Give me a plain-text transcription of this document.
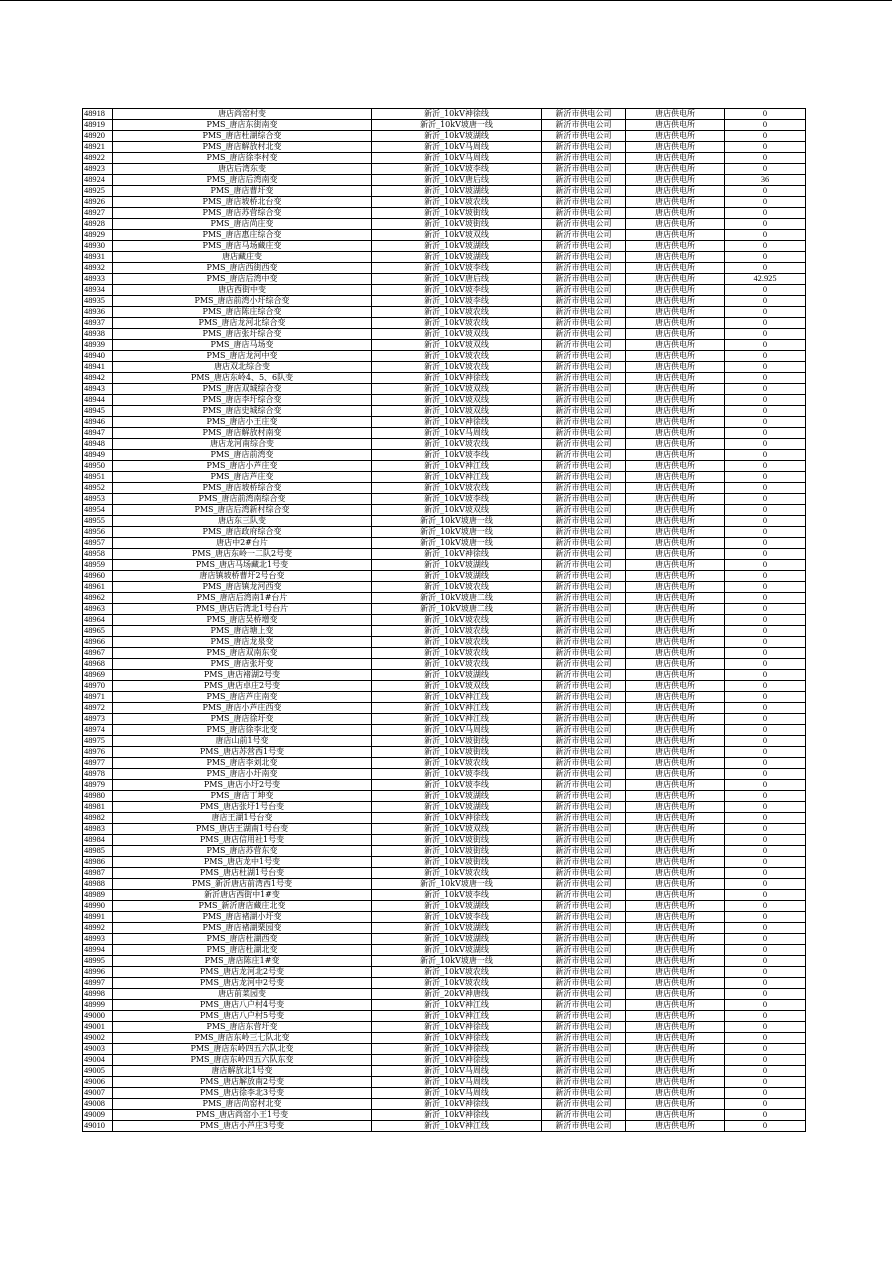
48918	唐店尚窑村变	新沂_10kV神徐线	新沂市供电公司	唐店供电所	0
48919	PMS_唐店东街南变	新沂_10kV坡唐一线	新沂市供电公司	唐店供电所	0
48920	PMS_唐店杜湖综合变	新沂_10kV坡湖线	新沂市供电公司	唐店供电所	0
48921	PMS_唐店解放村北变	新沂_10kV马周线	新沂市供电公司	唐店供电所	0
48922	PMS_唐店徐李村变	新沂_10kV马周线	新沂市供电公司	唐店供电所	0
48923	唐店后湾东变	新沂_10kV坡李线	新沂市供电公司	唐店供电所	0
48924	PMS_唐店后湾南变	新沂_10kV唐后线	新沂市供电公司	唐店供电所	36
48925	PMS_唐店曹圩变	新沂_10kV坡湖线	新沂市供电公司	唐店供电所	0
48926	PMS_唐店坡桥北台变	新沂_10kV坡农线	新沂市供电公司	唐店供电所	0
48927	PMS_唐店苏营综合变	新沂_10kV坡街线	新沂市供电公司	唐店供电所	0
48928	PMS_唐店尚庄变	新沂_10kV坡街线	新沂市供电公司	唐店供电所	0
48929	PMS_唐店惠庄综合变	新沂_10kV坡双线	新沂市供电公司	唐店供电所	0
48930	PMS_唐店马场藏庄变	新沂_10kV坡湖线	新沂市供电公司	唐店供电所	0
48931	唐店藏庄变	新沂_10kV坡湖线	新沂市供电公司	唐店供电所	0
48932	PMS_唐店西街西变	新沂_10kV坡李线	新沂市供电公司	唐店供电所	0
48933	PMS_唐店后湾中变	新沂_10kV唐后线	新沂市供电公司	唐店供电所	42.925
48934	唐店西街中变	新沂_10kV坡李线	新沂市供电公司	唐店供电所	0
48935	PMS_唐店前湾小圩综合变	新沂_10kV坡李线	新沂市供电公司	唐店供电所	0
48936	PMS_唐店陈庄综合变	新沂_10kV坡农线	新沂市供电公司	唐店供电所	0
48937	PMS_唐店龙河北综合变	新沂_10kV坡农线	新沂市供电公司	唐店供电所	0
48938	PMS_唐店张圩综合变	新沂_10kV坡双线	新沂市供电公司	唐店供电所	0
48939	PMS_唐店马场变	新沂_10kV坡双线	新沂市供电公司	唐店供电所	0
48940	PMS_唐店龙河中变	新沂_10kV坡农线	新沂市供电公司	唐店供电所	0
48941	唐店双北综合变	新沂_10kV坡农线	新沂市供电公司	唐店供电所	0
48942	PMS_唐店东岭4、5、6队变	新沂_10kV神徐线	新沂市供电公司	唐店供电所	0
48943	PMS_唐店双城综合变	新沂_10kV坡双线	新沂市供电公司	唐店供电所	0
48944	PMS_唐店李圩综合变	新沂_10kV坡双线	新沂市供电公司	唐店供电所	0
48945	PMS_唐店史城综合变	新沂_10kV坡双线	新沂市供电公司	唐店供电所	0
48946	PMS_唐店小王庄变	新沂_10kV神徐线	新沂市供电公司	唐店供电所	0
48947	PMS_唐店解放村南变	新沂_10kV马周线	新沂市供电公司	唐店供电所	0
48948	唐店龙河南综合变	新沂_10kV坡农线	新沂市供电公司	唐店供电所	0
48949	PMS_唐店前湾变	新沂_10kV坡李线	新沂市供电公司	唐店供电所	0
48950	PMS_唐店小芦庄变	新沂_10kV神江线	新沂市供电公司	唐店供电所	0
48951	PMS_唐店芦庄变	新沂_10kV神江线	新沂市供电公司	唐店供电所	0
48952	PMS_唐店坡桥综合变	新沂_10kV坡农线	新沂市供电公司	唐店供电所	0
48953	PMS_唐店前湾南综合变	新沂_10kV坡李线	新沂市供电公司	唐店供电所	0
48954	PMS_唐店后湾新村综合变	新沂_10kV坡双线	新沂市供电公司	唐店供电所	0
48955	唐店东三队变	新沂_10kV坡唐一线	新沂市供电公司	唐店供电所	0
48956	PMS_唐店政府综合变	新沂_10kV坡唐一线	新沂市供电公司	唐店供电所	0
48957	唐店中2#台片	新沂_10kV坡唐一线	新沂市供电公司	唐店供电所	0
48958	PMS_唐店东岭一二队2号变	新沂_10kV神徐线	新沂市供电公司	唐店供电所	0
48959	PMS_唐店马场藏北1号变	新沂_10kV坡湖线	新沂市供电公司	唐店供电所	0
48960	唐店镇坡桥曹圩2号台变	新沂_10kV坡湖线	新沂市供电公司	唐店供电所	0
48961	PMS_唐店镇龙河西变	新沂_10kV坡农线	新沂市供电公司	唐店供电所	0
48962	PMS_唐店后湾南1#台片	新沂_10kV坡唐二线	新沂市供电公司	唐店供电所	0
48963	PMS_唐店后湾北1号台片	新沂_10kV坡唐二线	新沂市供电公司	唐店供电所	0
48964	PMS_唐店吴桥增变	新沂_10kV坡农线	新沂市供电公司	唐店供电所	0
48965	PMS_唐店塘上变	新沂_10kV坡农线	新沂市供电公司	唐店供电所	0
48966	PMS_唐店龙泉变	新沂_10kV坡农线	新沂市供电公司	唐店供电所	0
48967	PMS_唐店双南东变	新沂_10kV坡农线	新沂市供电公司	唐店供电所	0
48968	PMS_唐店张圩变	新沂_10kV坡农线	新沂市供电公司	唐店供电所	0
48969	PMS_唐店褚湖2号变	新沂_10kV坡湖线	新沂市供电公司	唐店供电所	0
48970	PMS_唐店卓庄2号变	新沂_10kV坡双线	新沂市供电公司	唐店供电所	0
48971	PMS_唐店芦庄南变	新沂_10kV神江线	新沂市供电公司	唐店供电所	0
48972	PMS_唐店小芦庄西变	新沂_10kV神江线	新沂市供电公司	唐店供电所	0
48973	PMS_唐店徐圩变	新沂_10kV神江线	新沂市供电公司	唐店供电所	0
48974	PMS_唐店徐李北变	新沂_10kV马周线	新沂市供电公司	唐店供电所	0
48975	唐店山前1号变	新沂_10kV坡街线	新沂市供电公司	唐店供电所	0
48976	PMS_唐店苏营西1号变	新沂_10kV坡街线	新沂市供电公司	唐店供电所	0
48977	PMS_唐店李刘北变	新沂_10kV坡农线	新沂市供电公司	唐店供电所	0
48978	PMS_唐店小圩南变	新沂_10kV坡李线	新沂市供电公司	唐店供电所	0
48979	PMS_唐店小圩2号变	新沂_10kV坡李线	新沂市供电公司	唐店供电所	0
48980	PMS_唐店丁坤变	新沂_10kV坡湖线	新沂市供电公司	唐店供电所	0
48981	PMS_唐店张圩1号台变	新沂_10kV坡湖线	新沂市供电公司	唐店供电所	0
48982	唐店王湖1号台变	新沂_10kV神徐线	新沂市供电公司	唐店供电所	0
48983	PMS_唐店王湖南1号台变	新沂_10kV坡双线	新沂市供电公司	唐店供电所	0
48984	PMS_唐店信用社1号变	新沂_10kV坡街线	新沂市供电公司	唐店供电所	0
48985	PMS_唐店苏营东变	新沂_10kV坡街线	新沂市供电公司	唐店供电所	0
48986	PMS_唐店龙中1号变	新沂_10kV坡街线	新沂市供电公司	唐店供电所	0
48987	PMS_唐店杜湖1号台变	新沂_10kV坡农线	新沂市供电公司	唐店供电所	0
48988	PMS_新沂唐店前湾西1号变	新沂_10kV坡唐一线	新沂市供电公司	唐店供电所	0
48989	新沂唐店西街中1#变	新沂_10kV坡李线	新沂市供电公司	唐店供电所	0
48990	PMS_新沂唐店藏庄北变	新沂_10kV坡湖线	新沂市供电公司	唐店供电所	0
48991	PMS_唐店褚湖小圩变	新沂_10kV坡李线	新沂市供电公司	唐店供电所	0
48992	PMS_唐店褚湖栗园变	新沂_10kV坡湖线	新沂市供电公司	唐店供电所	0
48993	PMS_唐店杜湖西变	新沂_10kV坡湖线	新沂市供电公司	唐店供电所	0
48994	PMS_唐店杜湖北变	新沂_10kV坡湖线	新沂市供电公司	唐店供电所	0
48995	PMS_唐店陈庄1#变	新沂_10kV坡唐一线	新沂市供电公司	唐店供电所	0
48996	PMS_唐店龙河北2号变	新沂_10kV坡农线	新沂市供电公司	唐店供电所	0
48997	PMS_唐店龙河中2号变	新沂_10kV坡农线	新沂市供电公司	唐店供电所	0
48998	唐店前菜园变	新沂_20kV神唐线	新沂市供电公司	唐店供电所	0
48999	PMS_唐店八户村4号变	新沂_10kV神江线	新沂市供电公司	唐店供电所	0
49000	PMS_唐店八户村5号变	新沂_10kV神江线	新沂市供电公司	唐店供电所	0
49001	PMS_唐店东营圩变	新沂_10kV神徐线	新沂市供电公司	唐店供电所	0
49002	PMS_唐店东岭三七队北变	新沂_10kV神徐线	新沂市供电公司	唐店供电所	0
49003	PMS_唐店东岭四五六队北变	新沂_10kV神徐线	新沂市供电公司	唐店供电所	0
49004	PMS_唐店东岭四五六队东变	新沂_10kV神徐线	新沂市供电公司	唐店供电所	0
49005	唐店解放北1号变	新沂_10kV马周线	新沂市供电公司	唐店供电所	0
49006	PMS_唐店解放南2号变	新沂_10kV马周线	新沂市供电公司	唐店供电所	0
49007	PMS_唐店徐李北3号变	新沂_10kV马周线	新沂市供电公司	唐店供电所	0
49008	PMS_唐店尚窑村北变	新沂_10kV神徐线	新沂市供电公司	唐店供电所	0
49009	PMS_唐店尚窑小王1号变	新沂_10kV神徐线	新沂市供电公司	唐店供电所	0
49010	PMS_唐店小芦庄3号变	新沂_10kV神江线	新沂市供电公司	唐店供电所	0
